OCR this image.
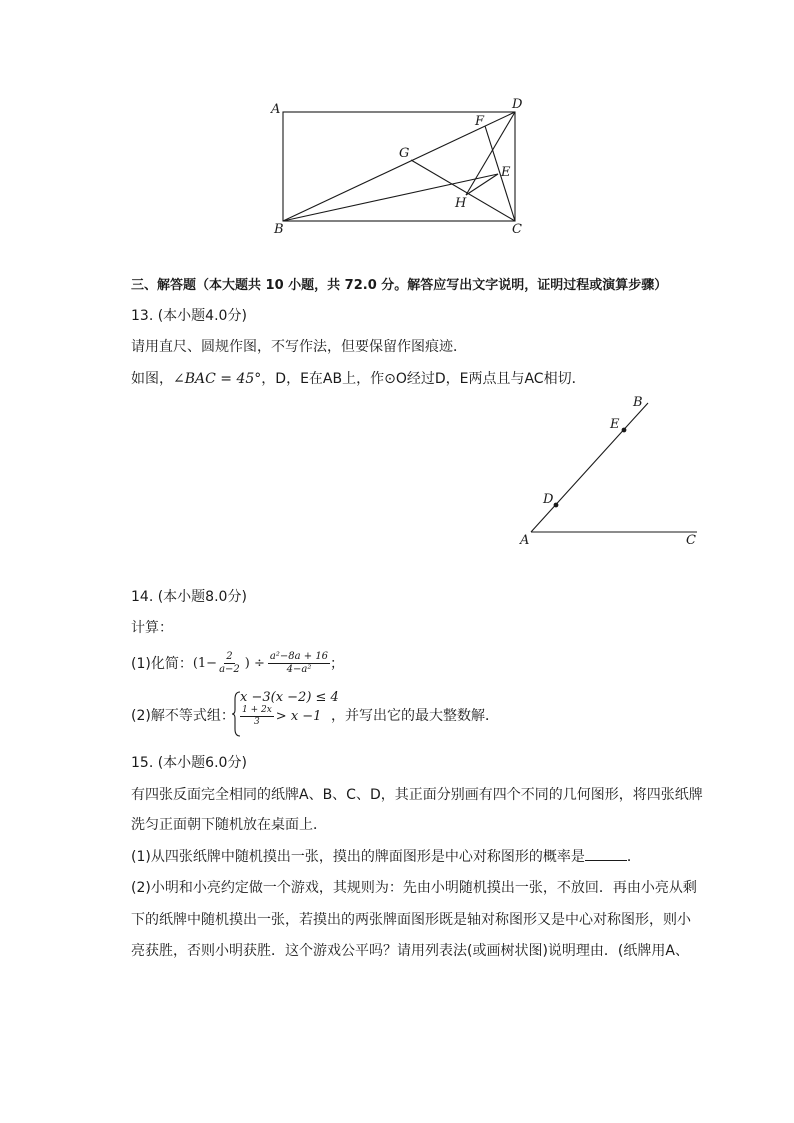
A	D
F
G
E
H
B	C
三、解答题（本大题共 10 小题，共 72.0 分。解答应写出文字说明，证明过程或演算步骤）
13. (本小题4.0分)
请用直尺、圆规作图，不写作法，但要保留作图痕迹．
如图，∠BAC = 45°，D，E在AB上，作⊙O经过D，E两点且与AC相切．
B
E
D
A	C
14. (本小题8.0分)
计算：
(1)化简： ($1- \frac{2}{a-2}$ ) ÷ $\frac{\text{a²−8a + 16}}{\text{4−a²}}$ ；
(2)解不等式组：
x −3(x −2) ≤ 4
$\frac{1 + 2x}{3} > x -1$ ，并写出它的最大整数解．
15. (本小题6.0分)
有四张反面完全相同的纸牌A、B、C、D，其正面分别画有四个不同的几何图形，将四张纸牌
洗匀正面朝下随机放在桌面上．
(1)从四张纸牌中随机摸出一张，摸出的牌面图形是中心对称图形的概率是	．
(2)小明和小亮约定做一个游戏，其规则为：先由小明随机摸出一张，不放回．再由小亮从剩
下的纸牌中随机摸出一张，若摸出的两张牌面图形既是轴对称图形又是中心对称图形，则小
亮获胜，否则小明获胜．这个游戏公平吗？请用列表法(或画树状图)说明理由．(纸牌用A、
